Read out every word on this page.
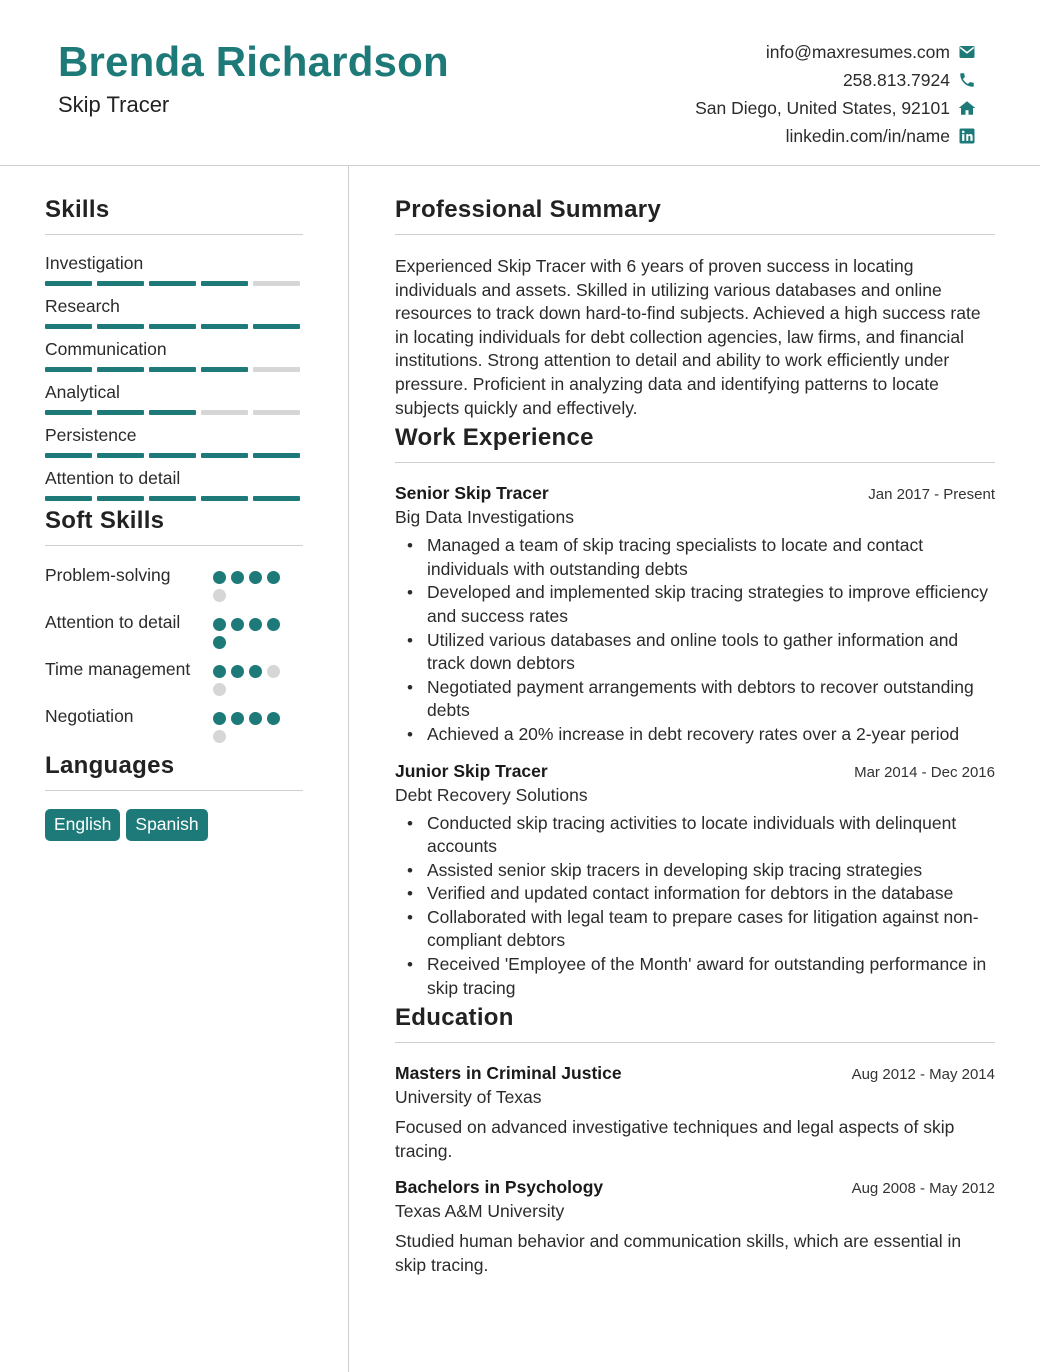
Brenda Richardson
Skip Tracer
info@maxresumes.com
258.813.7924
San Diego, United States, 92101
linkedin.com/in/name
Skills
Investigation
Research
Communication
Analytical
Persistence
Attention to detail
Soft Skills
Problem-solving
Attention to detail
Time management
Negotiation
Languages
English	Spanish
Professional Summary
Experienced Skip Tracer with 6 years of proven success in locating individuals and assets. Skilled in utilizing various databases and online resources to track down hard-to-find subjects. Achieved a high success rate in locating individuals for debt collection agencies, law firms, and financial institutions. Strong attention to detail and ability to work efficiently under pressure. Proficient in analyzing data and identifying patterns to locate subjects quickly and effectively.
Work Experience
Senior Skip Tracer	Jan 2017 - Present
Big Data Investigations
• Managed a team of skip tracing specialists to locate and contact individuals with outstanding debts
• Developed and implemented skip tracing strategies to improve efficiency and success rates
• Utilized various databases and online tools to gather information and track down debtors
• Negotiated payment arrangements with debtors to recover outstanding debts
• Achieved a 20% increase in debt recovery rates over a 2-year period
Junior Skip Tracer	Mar 2014 - Dec 2016
Debt Recovery Solutions
• Conducted skip tracing activities to locate individuals with delinquent accounts
• Assisted senior skip tracers in developing skip tracing strategies
• Verified and updated contact information for debtors in the database
• Collaborated with legal team to prepare cases for litigation against non-compliant debtors
• Received 'Employee of the Month' award for outstanding performance in skip tracing
Education
Masters in Criminal Justice	Aug 2012 - May 2014
University of Texas
Focused on advanced investigative techniques and legal aspects of skip tracing.
Bachelors in Psychology	Aug 2008 - May 2012
Texas A&M University
Studied human behavior and communication skills, which are essential in skip tracing.
